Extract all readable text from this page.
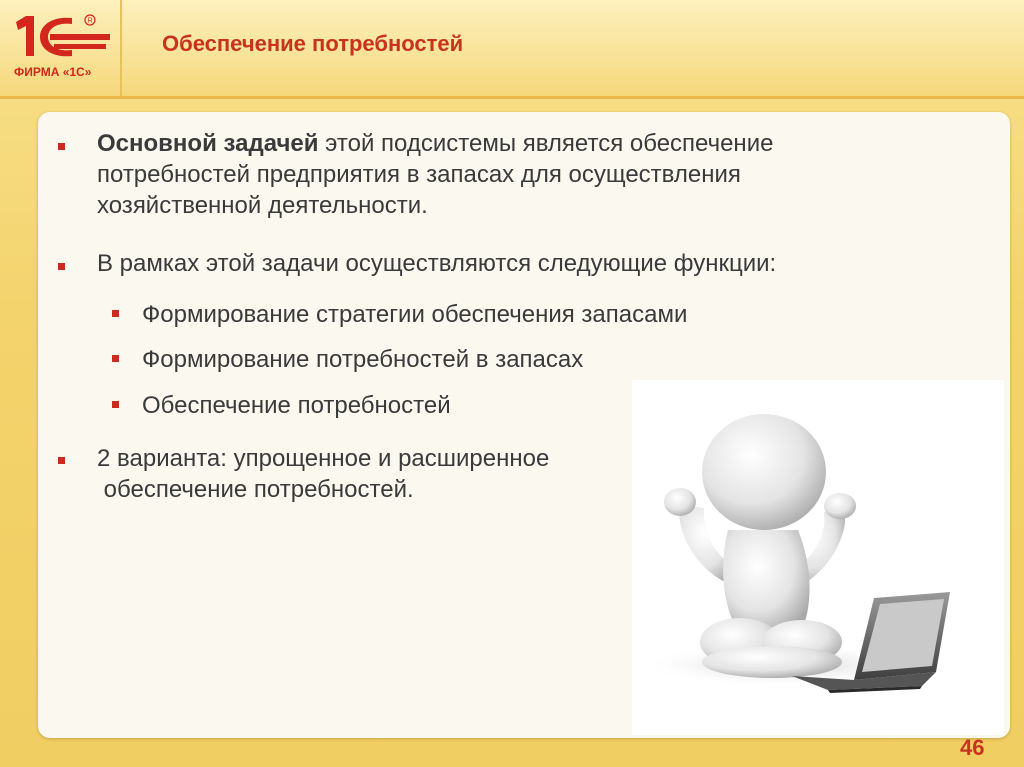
R
ФИРМА «1С»
Обеспечение потребностей
Основной задачей этой подсистемы является обеспечение
потребностей предприятия в запасах для осуществления
хозяйственной деятельности.
В рамках этой задачи осуществляются следующие функции:
Формирование стратегии обеспечения запасами
Формирование потребностей в запасах
Обеспечение потребностей
2 варианта: упрощенное и расширенное
обеспечение потребностей.
46
